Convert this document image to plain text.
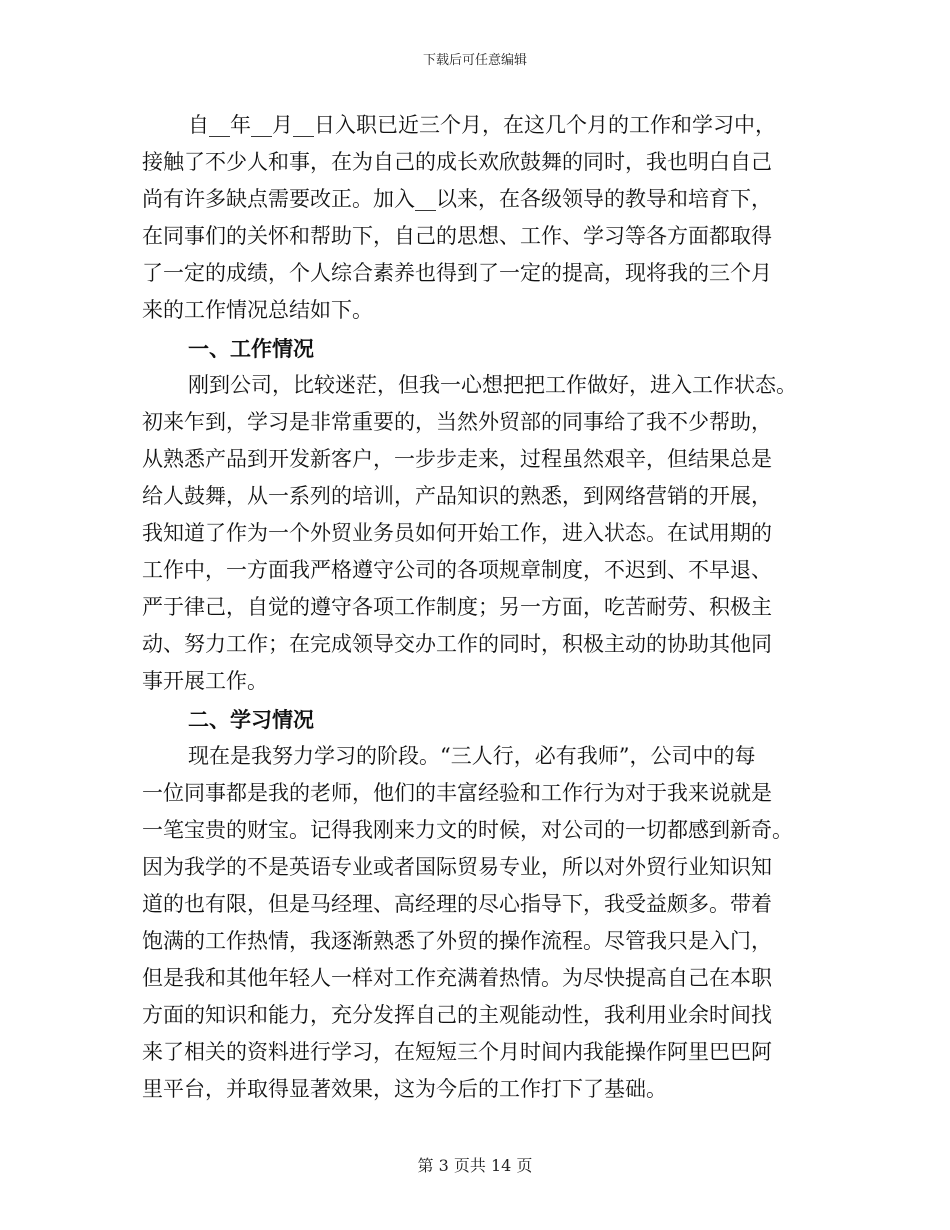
下载后可任意编辑
自__年__月__日入职已近三个月，在这几个月的工作和学习中，
接触了不少人和事，在为自己的成长欢欣鼓舞的同时，我也明白自己
尚有许多缺点需要改正。加入__以来，在各级领导的教导和培育下，
在同事们的关怀和帮助下，自己的思想、工作、学习等各方面都取得
了一定的成绩，个人综合素养也得到了一定的提高，现将我的三个月
来的工作情况总结如下。
一、工作情况
刚到公司，比较迷茫，但我一心想把把工作做好，进入工作状态。
初来乍到，学习是非常重要的，当然外贸部的同事给了我不少帮助，
从熟悉产品到开发新客户，一步步走来，过程虽然艰辛，但结果总是
给人鼓舞，从一系列的培训，产品知识的熟悉，到网络营销的开展，
我知道了作为一个外贸业务员如何开始工作，进入状态。在试用期的
工作中，一方面我严格遵守公司的各项规章制度，不迟到、不早退、
严于律己，自觉的遵守各项工作制度；另一方面，吃苦耐劳、积极主
动、努力工作；在完成领导交办工作的同时，积极主动的协助其他同
事开展工作。
二、学习情况
现在是我努力学习的阶段。“三人行，必有我师”，公司中的每
一位同事都是我的老师，他们的丰富经验和工作行为对于我来说就是
一笔宝贵的财宝。记得我刚来力文的时候，对公司的一切都感到新奇。
因为我学的不是英语专业或者国际贸易专业，所以对外贸行业知识知
道的也有限，但是马经理、高经理的尽心指导下，我受益颇多。带着
饱满的工作热情，我逐渐熟悉了外贸的操作流程。尽管我只是入门，
但是我和其他年轻人一样对工作充满着热情。为尽快提高自己在本职
方面的知识和能力，充分发挥自己的主观能动性，我利用业余时间找
来了相关的资料进行学习，在短短三个月时间内我能操作阿里巴巴阿
里平台，并取得显著效果，这为今后的工作打下了基础。
第 3 页共 14 页
